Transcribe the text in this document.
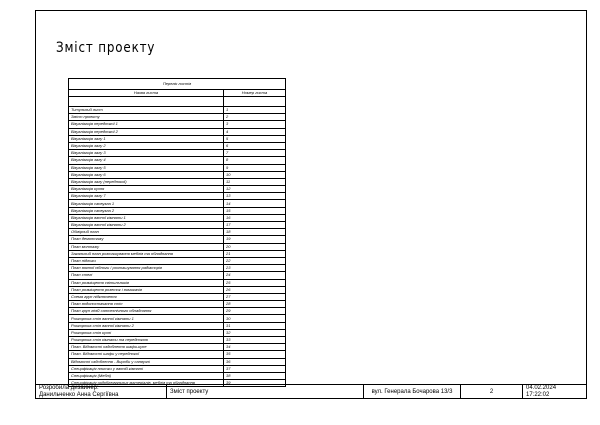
Зміст проекту
Перелік листів	
Назва листа	Номер листа

Титульний лист	1
Зміст проекту	2
Візуалізація передпокої 1	3
Візуалізація передпокої 2	4
Візуалізація залу 1	5
Візуалізація залу 2	6
Візуалізація залу 3	7
Візуалізація залу 4	8
Візуалізація залу 5	9
Візуалізація залу 6	10
Візуалізація залу (передпокої)	11
Візуалізація кухня	12
Візуалізація залу 7	13
Візуалізація санвузла 1	14
Візуалізація санвузла 2	15
Візуалізація ванної кімнати 1	16
Візуалізація ванної кімнати 2	17
Обмірний план	18
План демонтажу	19
План монтажу	20
Загальний план розташування меблів та обладнання	21
План підлоги	22
План взятої підлоги / розташування радіаторів	23
План стелі	24
План розміщення світильників	25
План розміщення розеток і вимикачів	26
Схема груп підключення	27
План водопостачання стін	28
План груп ліній сантехнічного обладнання	29
Розгортка стін ванної кімнати 1	30
Розгортка стін ванної кімнати 2	31
Розгортка стін кухні	32
Розгортка стін кімнати та передпокою	33
План. Відомості оздоблення шафи-купе	34
План. Відомості шафи у передпокої	35
Відомості оздоблення - Вироби у санвузлі	36
Специфікація плитки у ванній кімнаті	37
Специфікація (Меблі)	38
Специфікація оздоблювальних матеріалів, меблів та обладнання	39
Розробила дизайнер:
Данильченко Анна Сергіївна	Зміст проекту	вул. Генерала Бочарова 13/3	2	
04.02.2024
17:22:02
